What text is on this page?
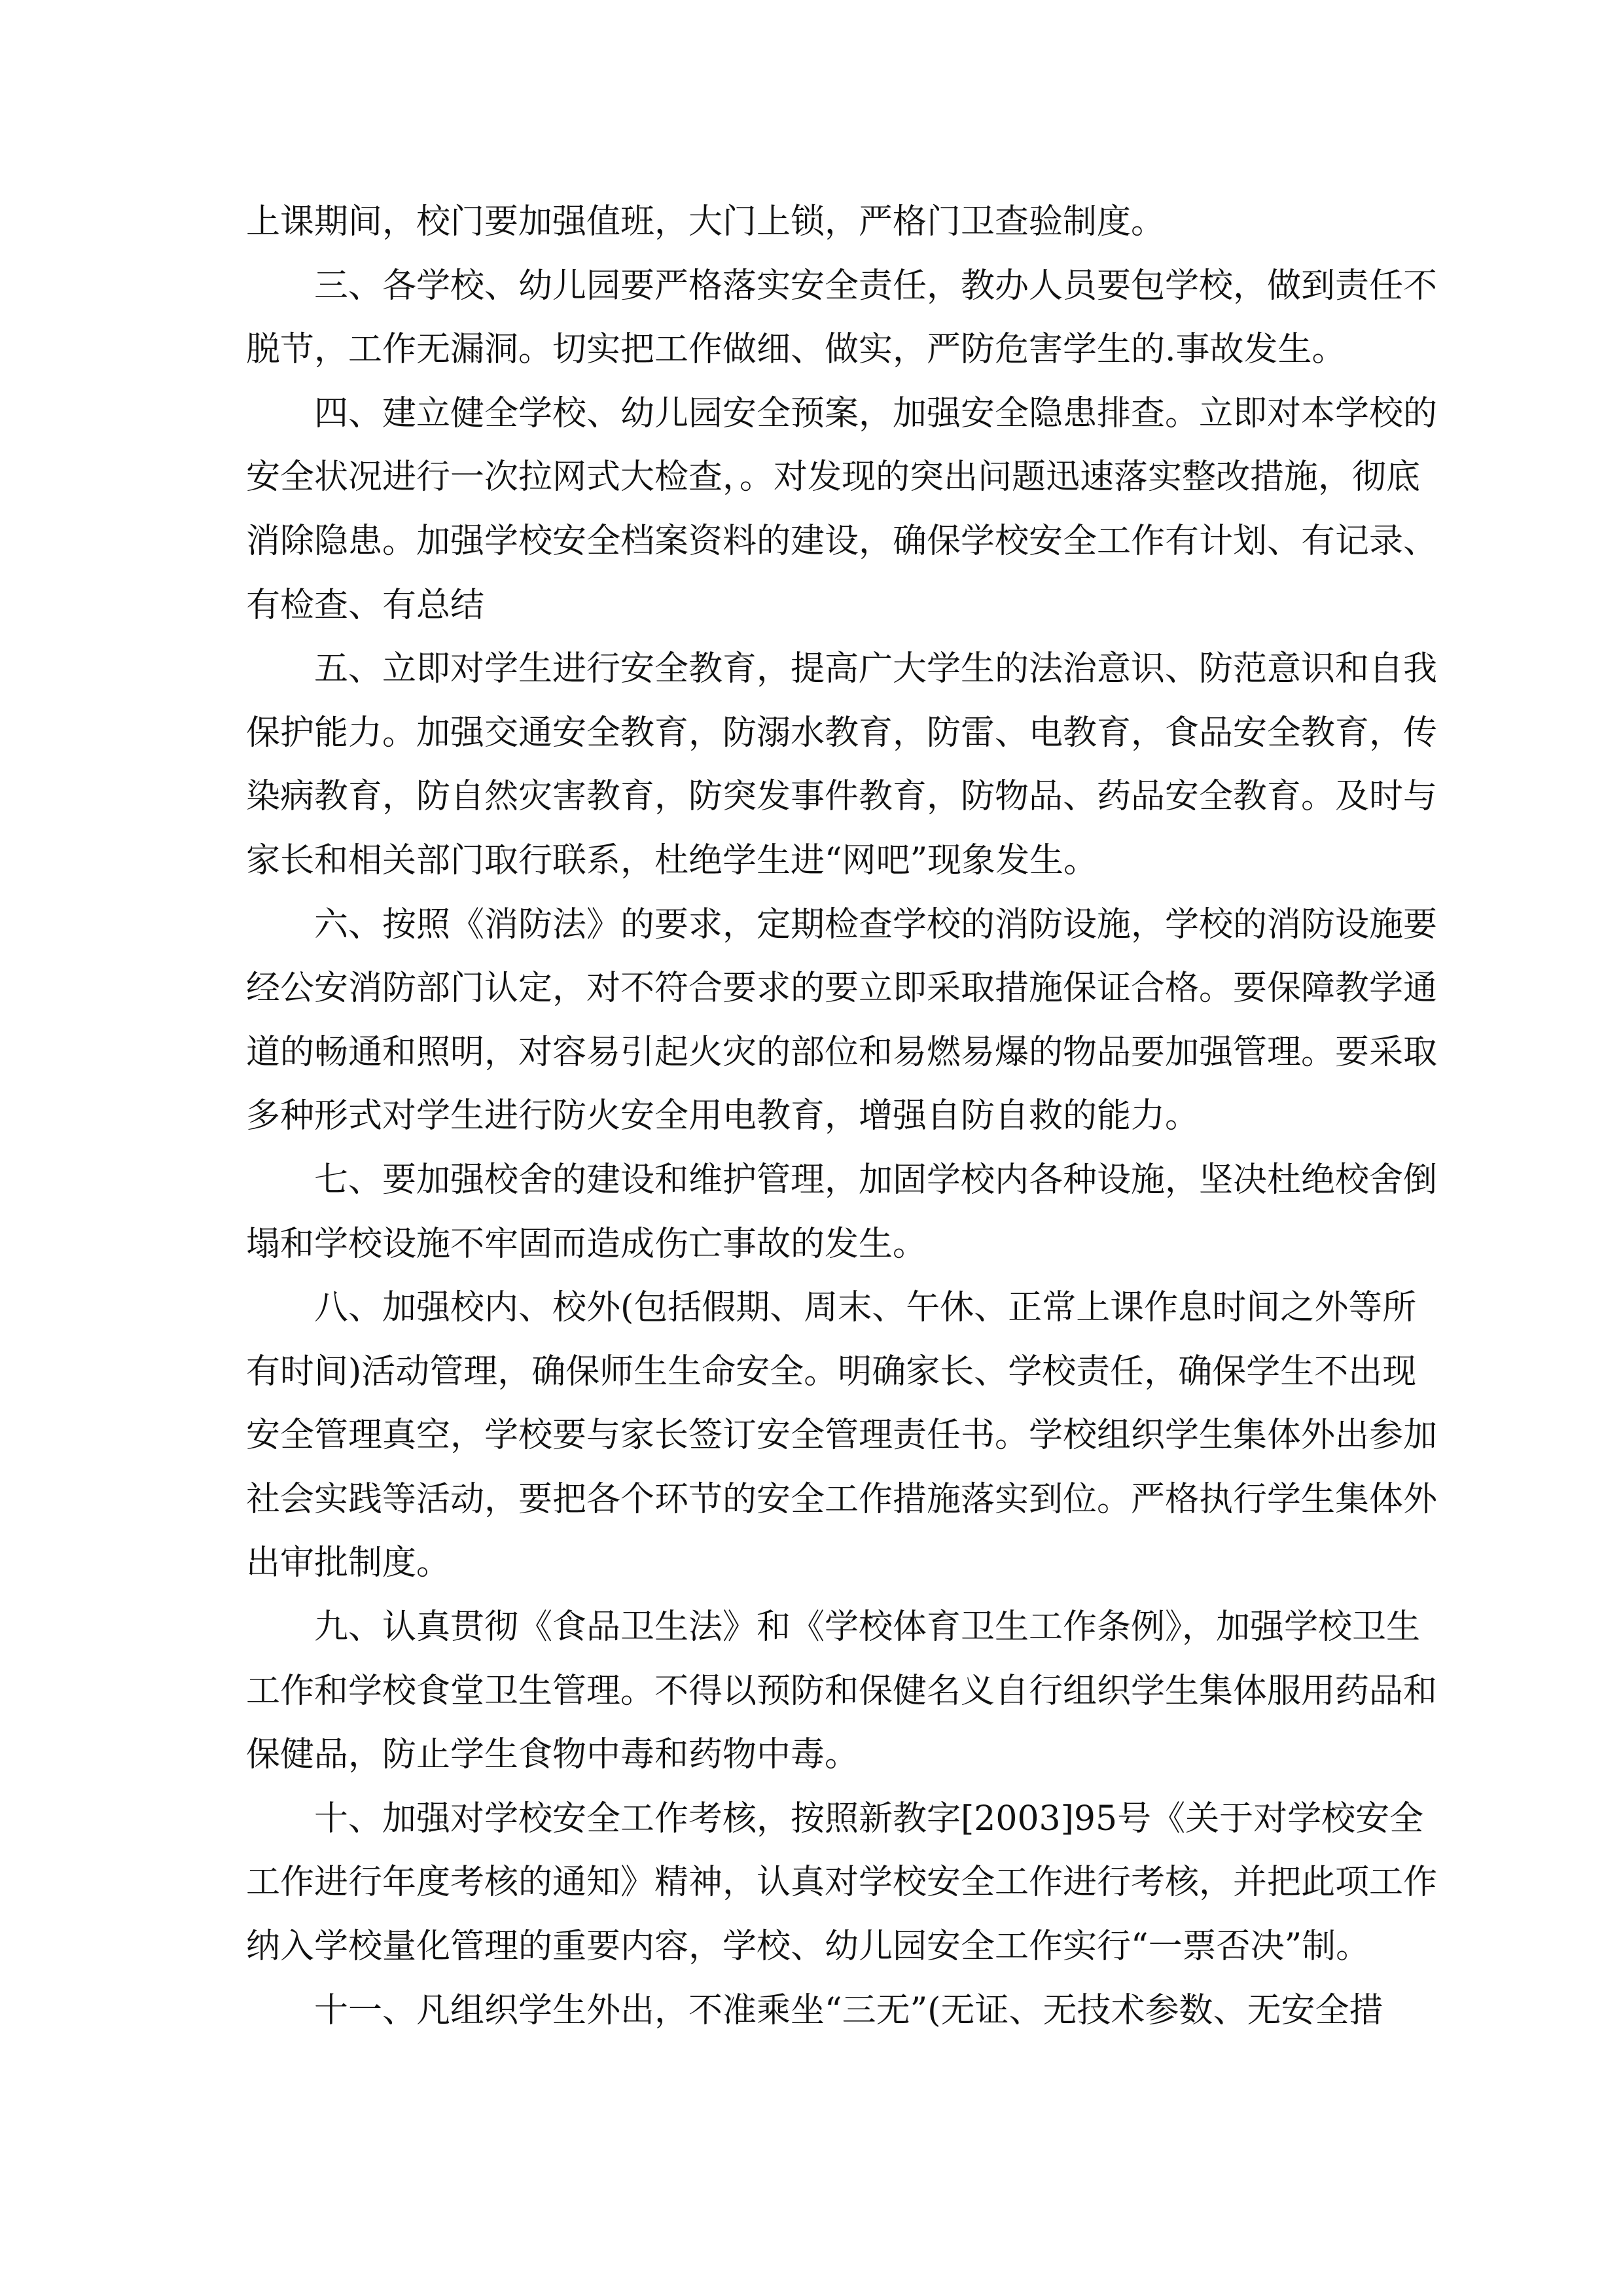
上课期间，校门要加强值班，大门上锁，严格门卫查验制度。
三、各学校、幼儿园要严格落实安全责任，教办人员要包学校，做到责任不
脱节，工作无漏洞。切实把工作做细、做实，严防危害学生的.事故发生。
四、建立健全学校、幼儿园安全预案，加强安全隐患排查。立即对本学校的
安全状况进行一次拉网式大检查，。对发现的突出问题迅速落实整改措施，彻底
消除隐患。加强学校安全档案资料的建设，确保学校安全工作有计划、有记录、
有检查、有总结
五、立即对学生进行安全教育，提高广大学生的法治意识、防范意识和自我
保护能力。加强交通安全教育，防溺水教育，防雷、电教育，食品安全教育，传
染病教育，防自然灾害教育，防突发事件教育，防物品、药品安全教育。及时与
家长和相关部门取行联系，杜绝学生进“网吧”现象发生。
六、按照《消防法》的要求，定期检查学校的消防设施，学校的消防设施要
经公安消防部门认定，对不符合要求的要立即采取措施保证合格。要保障教学通
道的畅通和照明，对容易引起火灾的部位和易燃易爆的物品要加强管理。要采取
多种形式对学生进行防火安全用电教育，增强自防自救的能力。
七、要加强校舍的建设和维护管理，加固学校内各种设施，坚决杜绝校舍倒
塌和学校设施不牢固而造成伤亡事故的发生。
八、加强校内、校外(包括假期、周末、午休、正常上课作息时间之外等所
有时间)活动管理，确保师生生命安全。明确家长、学校责任，确保学生不出现
安全管理真空，学校要与家长签订安全管理责任书。学校组织学生集体外出参加
社会实践等活动，要把各个环节的安全工作措施落实到位。严格执行学生集体外
出审批制度。
九、认真贯彻《食品卫生法》和《学校体育卫生工作条例》，加强学校卫生
工作和学校食堂卫生管理。不得以预防和保健名义自行组织学生集体服用药品和
保健品，防止学生食物中毒和药物中毒。
十、加强对学校安全工作考核，按照新教字[2003]95号《关于对学校安全
工作进行年度考核的通知》精神，认真对学校安全工作进行考核，并把此项工作
纳入学校量化管理的重要内容，学校、幼儿园安全工作实行“一票否决”制。
十一、凡组织学生外出，不准乘坐“三无”(无证、无技术参数、无安全措
